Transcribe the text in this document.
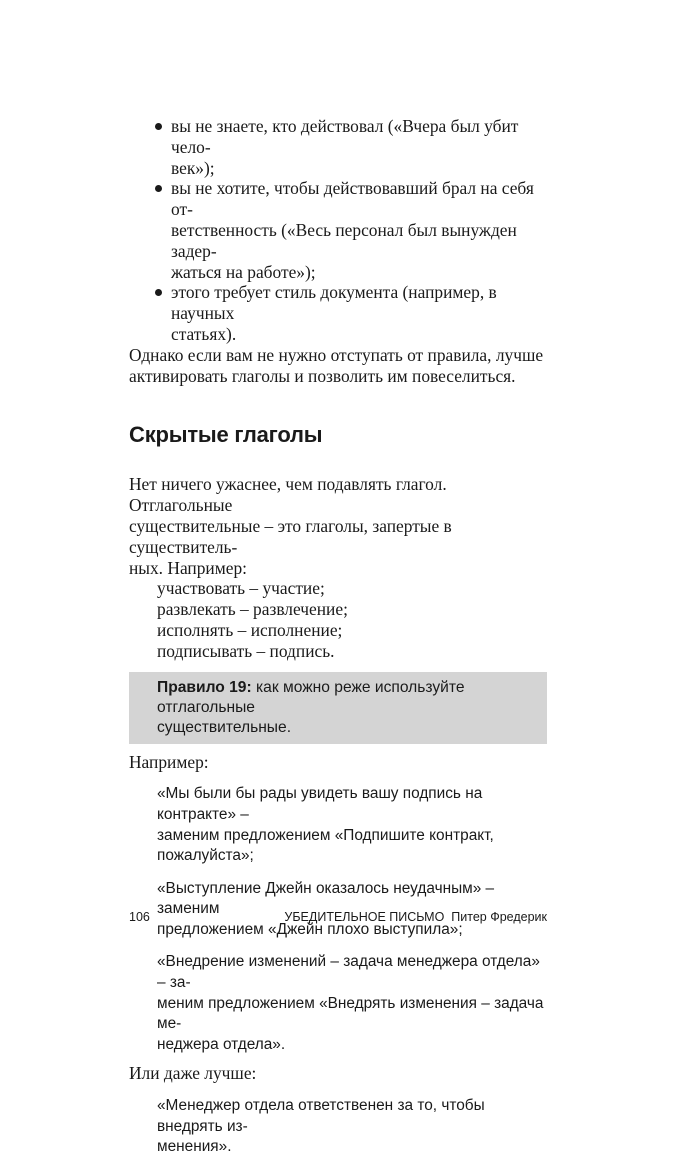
вы не знаете, кто действовал («Вчера был убит чело-
век»);
вы не хотите, чтобы действовавший брал на себя от-
ветственность («Весь персонал был вынужден задер-
жаться на работе»);
этого требует стиль документа (например, в научных
статьях).

Однако если вам не нужно отступать от правила, лучше
активировать глаголы и позволить им повеселиться.

Скрытые глаголы

Нет ничего ужаснее, чем подавлять глагол. Отглагольные
существительные – это глаголы, запертые в существитель-
ных. Например:

участвовать – участие;
развлекать – развлечение;
исполнять – исполнение;
подписывать – подпись.
Правило 19: как можно реже используйте отглагольные
существительные.

Например:

«Мы были бы рады увидеть вашу подпись на контракте» –
заменим предложением «Подпишите контракт, пожалуйста»;

«Выступление Джейн оказалось неудачным» – заменим
предложением «Джейн плохо выступила»;

«Внедрение изменений – задача менеджера отдела» – за-
меним предложением «Внедрять изменения – задача ме-
неджера отдела».

Или даже лучше:

«Менеджер отдела ответственен за то, чтобы внедрять из-
менения».

106	УБЕДИТЕЛЬНОЕ ПИСЬМО Питер Фредерик
